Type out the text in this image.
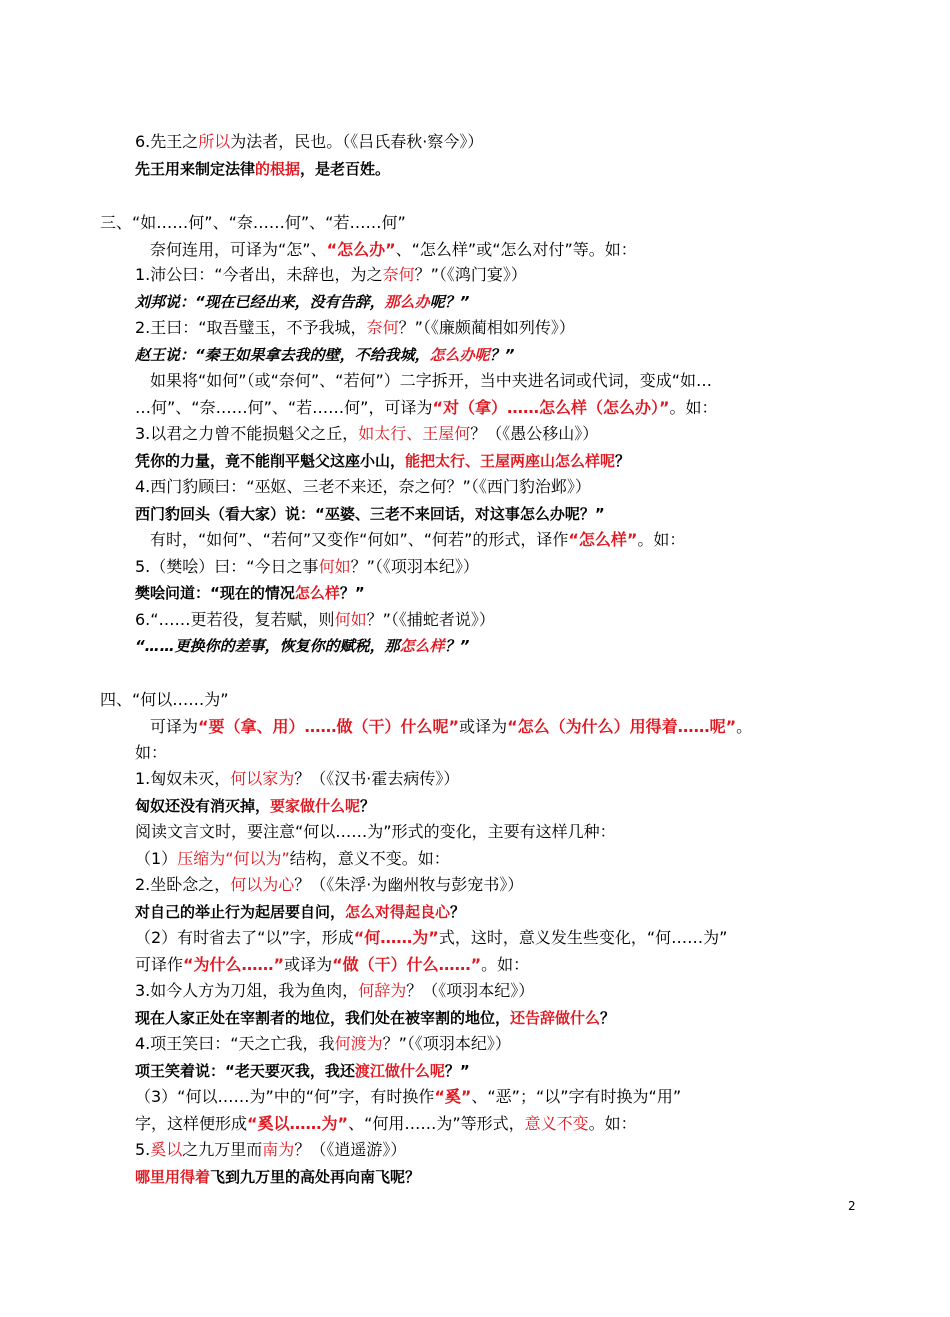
6.先王之所以为法者，民也。（《吕氏春秋·察今》）
先王用来制定法律的根据，是老百姓。
三、“如……何”、“奈……何”、“若……何”
奈何连用，可译为“怎”、“怎么办”、“怎么样”或“怎么对付”等。如：
1.沛公曰：“今者出，未辞也，为之奈何？”（《鸿门宴》）
刘邦说：“现在已经出来，没有告辞，那么办呢？”
2.王曰：“取吾璧玉，不予我城，奈何？”（《廉颇蔺相如列传》）
赵王说：“秦王如果拿去我的壁，不给我城，怎么办呢？”
如果将“如何”（或“奈何”、“若何”）二字拆开，当中夹进名词或代词，变成“如…
…何”、“奈……何”、“若……何”，可译为“对（拿）……怎么样（怎么办）”。如：
3.以君之力曾不能损魁父之丘，如太行、王屋何？（《愚公移山》）
凭你的力量，竟不能削平魁父这座小山，能把太行、王屋两座山怎么样呢？
4.西门豹顾曰：“巫妪、三老不来还，奈之何？”（《西门豹治邺》）
西门豹回头（看大家）说：“巫婆、三老不来回话，对这事怎么办呢？”
有时，“如何”、“若何”又变作“何如”、“何若”的形式，译作“怎么样”。如：
5.（樊哙）曰：“今日之事何如？”（《项羽本纪》）
樊哙问道：“现在的情况怎么样？”
6.“……更若役，复若赋，则何如？”（《捕蛇者说》）
“……更换你的差事，恢复你的赋税，那怎么样？”
四、“何以……为”
可译为“要（拿、用）……做（干）什么呢”或译为“怎么（为什么）用得着……呢”。
如：
1.匈奴未灭，何以家为？（《汉书·霍去病传》）
匈奴还没有消灭掉，要家做什么呢？
阅读文言文时，要注意“何以……为”形式的变化，主要有这样几种：
（1）压缩为“何以为”结构，意义不变。如：
2.坐卧念之，何以为心？（《朱浮·为幽州牧与彭宠书》）
对自己的举止行为起居要自问，怎么对得起良心？
（2）有时省去了“以”字，形成“何……为”式，这时，意义发生些变化，“何……为”
可译作“为什么……”或译为“做（干）什么……”。如：
3.如今人方为刀俎，我为鱼肉，何辞为？（《项羽本纪》）
现在人家正处在宰割者的地位，我们处在被宰割的地位，还告辞做什么？
4.项王笑曰：“天之亡我，我何渡为？”（《项羽本纪》）
项王笑着说：“老天要灭我，我还渡江做什么呢？”
（3）“何以……为”中的“何”字，有时换作“奚”、“恶”；“以”字有时换为“用”
字，这样便形成“奚以……为”、“何用……为”等形式，意义不变。如：
5.奚以之九万里而南为？（《逍遥游》）
哪里用得着飞到九万里的高处再向南飞呢？
2
